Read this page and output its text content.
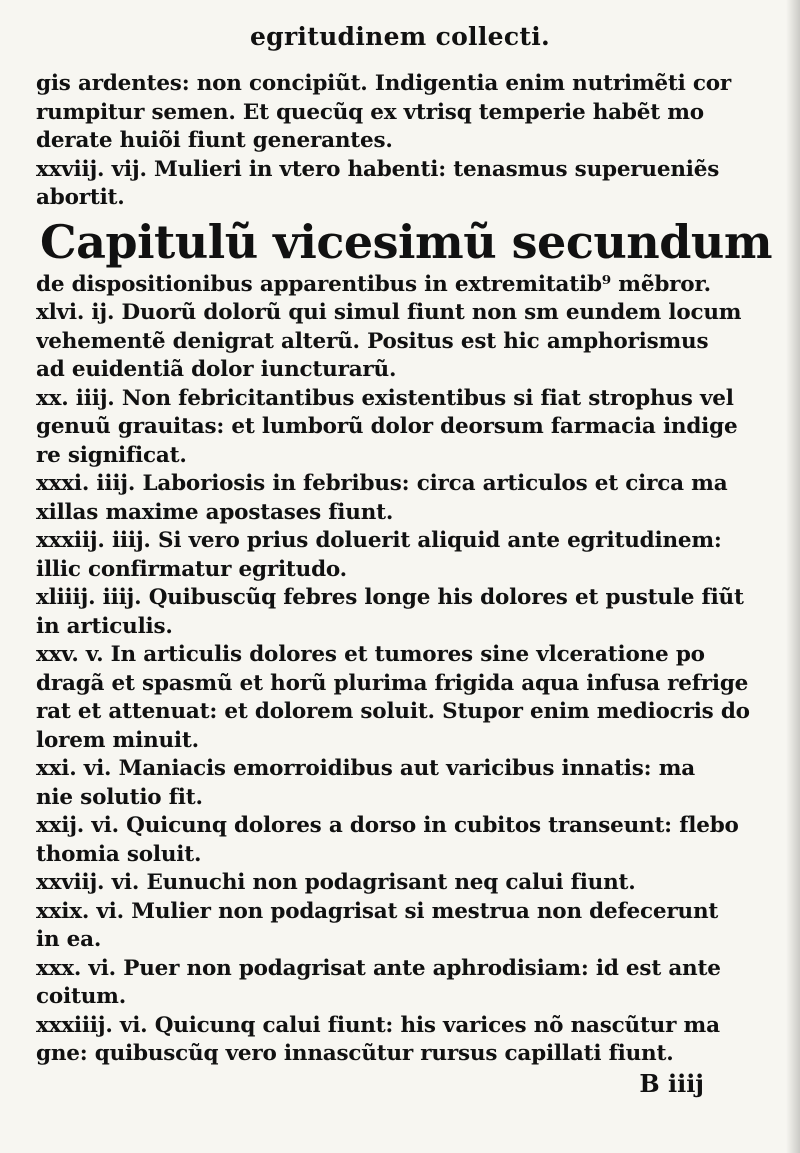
egritudinem collecti.
gis ardentes: non concipiũt. Indigentia enim nutrimẽti cor
rumpitur semen. Et quecũq ex vtrisq temperie habẽt mo
derate huiõi fiunt generantes.
xxviij. vij. Mulieri in vtero habenti: tenasmus superueniẽs
abortit.
Capitulũ vicesimũ secundum
de dispositionibus apparentibus in extremitatib⁹ mẽbror.
xlvi. ij. Duorũ dolorũ qui simul fiunt non sm eundem locum
vehementẽ denigrat alterũ. Positus est hic amphorismus
ad euidentiã dolor iuncturarũ.
xx. iiij. Non febricitantibus existentibus si fiat strophus vel
genuũ grauitas: et lumborũ dolor deorsum farmacia indige
re significat.
xxxi. iiij. Laboriosis in febribus: circa articulos et circa ma
xillas maxime apostases fiunt.
xxxiij. iiij. Si vero prius doluerit aliquid ante egritudinem:
illic confirmatur egritudo.
xliiij. iiij. Quibuscũq febres longe his dolores et pustule fiũt
in articulis.
xxv. v. In articulis dolores et tumores sine vlceratione po
dragã et spasmũ et horũ plurima frigida aqua infusa refrige
rat et attenuat: et dolorem soluit. Stupor enim mediocris do
lorem minuit.
xxi. vi. Maniacis emorroidibus aut varicibus innatis: ma
nie solutio fit.
xxij. vi. Quicunq dolores a dorso in cubitos transeunt: flebo
thomia soluit.
xxviij. vi. Eunuchi non podagrisant neq calui fiunt.
xxix. vi. Mulier non podagrisat si mestrua non defecerunt
in ea.
xxx. vi. Puer non podagrisat ante aphrodisiam: id est ante
coitum.
xxxiiij. vi. Quicunq calui fiunt: his varices nõ nascũtur ma
gne: quibuscũq vero innascũtur rursus capillati fiunt.
B iiij
